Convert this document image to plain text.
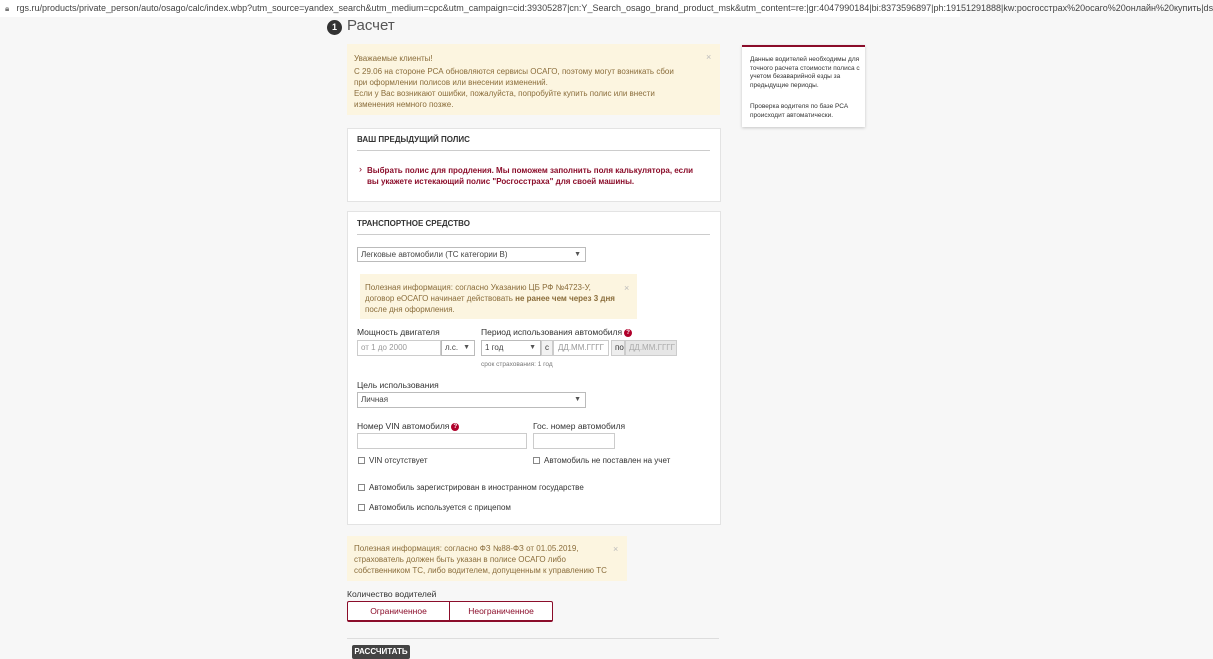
🔒︎ rgs.ru/products/private_person/auto/osago/calc/index.wbp?utm_source=yandex_search&utm_medium=cpc&utm_campaign=cid:39305287|cn:Y_Search_osago_brand_product_msk&utm_content=re:|gr:4047990184|bi:8373596897|ph:19151291888|kw:росгосстрах%20осаго%20онлайн%20купить|ds
1 Расчет
Уважаемые клиенты!
С 29.06 на стороне РСА обновляются сервисы ОСАГО, поэтому могут возникать сбои при оформлении полисов или внесении изменений.
Если у Вас возникают ошибки, пожалуйста, попробуйте купить полис или внести изменения немного позже.
×	Данные водителей необходимы для точного расчета стоимости полиса с учетом безаварийной езды за предыдущие периоды.
Проверка водителя по базе РСА происходит автоматически.
ВАШ ПРЕДЫДУЩИЙ ПОЛИС
› Выбрать полис для продления. Мы поможем заполнить поля калькулятора, если вы укажете истекающий полис "Росгосстраха" для своей машины.
ТРАНСПОРТНОЕ СРЕДСТВО
Легковые автомобили (ТС категории B)	▼
Полезная информация: согласно Указанию ЦБ РФ №4723-У, договор еОСАГО начинает действовать не ранее чем через 3 дня после дня оформления.
×
Мощность двигателя
от 1 до 2000	л.с. ▼
Период использования автомобиля ?
1 год	▼	с	ДД.ММ.ГГГГ	по ДД.ММ.ГГГГ
срок страхования: 1 год
Цель использования
Личная	▼
Номер VIN автомобиля ?	Гос. номер автомобиля
VIN отсутствует	Автомобиль не поставлен на учет
Автомобиль зарегистрирован в иностранном государстве
Автомобиль используется с прицепом
Полезная информация: согласно ФЗ №88-ФЗ от 01.05.2019, страхователь должен быть указан в полисе ОСАГО либо собственником ТС, либо водителем, допущенным к управлению ТС
×
Количество водителей
Ограниченное	Неограниченное
РАССЧИТАТЬ
